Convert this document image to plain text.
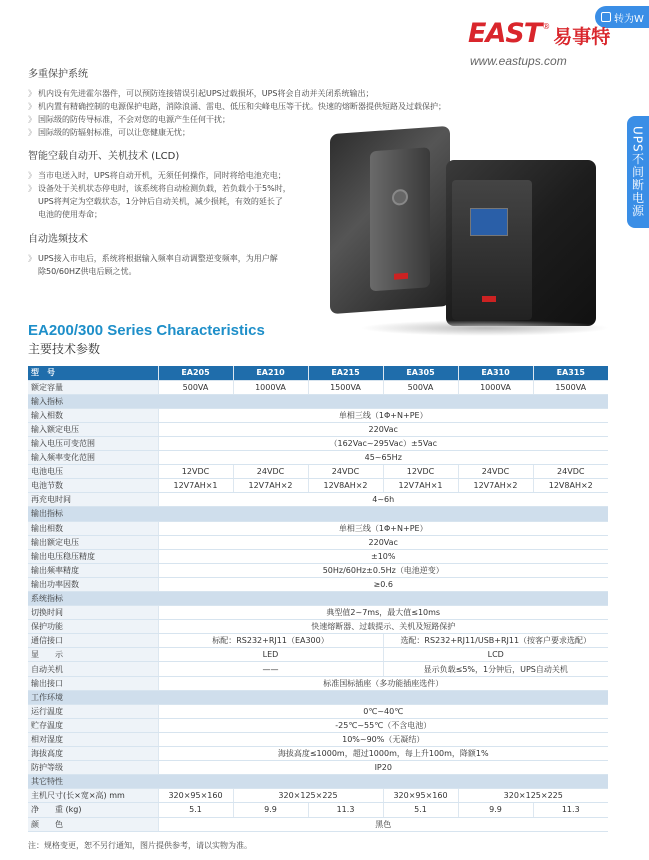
转为W
UPS不间断电源
EAST ® 易事特
www.eastups.com
多重保护系统
》 机内设有先进霍尔器件，可以预防连接错误引起UPS过载损坏，UPS将会自动并关闭系统输出；
》 机内置有精确控制的电源保护电路，消除浪涌、雷电、低压和尖峰电压等干扰。快速的熔断器提供短路及过载保护；
》 国际级的防传导标准，不会对您的电源产生任何干扰；
》 国际级的防辐射标准，可以让您健康无忧；
智能空载自动开、关机技术 (LCD)
》 当市电送入时，UPS将自动开机，无须任何操作，同时将给电池充电；
》 设备处于关机状态停电时，该系统将自动检测负载，若负载小于5%时，
UPS将判定为空载状态，1分钟后自动关机，减少损耗，有效的延长了
电池的使用寿命；
自动选频技术
》 UPS接入市电后，系统将根据输入频率自动调整逆变频率，为用户解
除50/60HZ供电后顾之忧。
EA200/300 Series Characteristics
主要技术参数
型　号	EA205	EA210	EA215	EA305	EA310	EA315
额定容量	500VA	1000VA	1500VA	500VA	1000VA	1500VA
输入指标						
输入相数	单相三线（1Φ+N+PE）					
输入额定电压	220Vac					
输入电压可变范围	（162Vac~295Vac）±5Vac					
输入频率变化范围	45~65Hz					
电池电压	12VDC	24VDC	24VDC	12VDC	24VDC	24VDC
电池节数	12V7AH×1	12V7AH×2	12V8AH×2	12V7AH×1	12V7AH×2	12V8AH×2
再充电时间	4~6h					
输出指标						
输出相数	单相三线（1Φ+N+PE）					
输出额定电压	220Vac					
输出电压稳压精度	±10%					
输出频率精度	50Hz/60Hz±0.5Hz（电池逆变）					
输出功率因数	≥0.6					
系统指标						
切换时间	典型值2~7ms，最大值≤10ms					
保护功能	快速熔断器、过载提示、关机及短路保护					
通信接口	标配：RS232+RJ11（EA300）			选配：RS232+RJ11/USB+RJ11（按客户要求选配）		
显　　示	LED			LCD		
自动关机	——			显示负载≤5%，1分钟后，UPS自动关机		
输出接口	标准国标插座（多功能插座选件）					
工作环境						
运行温度	0℃~40℃					
贮存温度	-25℃~55℃（不含电池）					
相对湿度	10%~90%（无凝结）					
海拔高度	海拔高度≤1000m，超过1000m，每上升100m，降额1%					
防护等级	IP20					
其它特性						
主机尺寸(长×宽×高) mm	320×95×160	320×125×225		320×95×160	320×125×225	
净　　重 (kg)	5.1	9.9	11.3	5.1	9.9	11.3
颜　　色	黑色					
注：规格变更，恕不另行通知，图片提供参考，请以实物为准。
